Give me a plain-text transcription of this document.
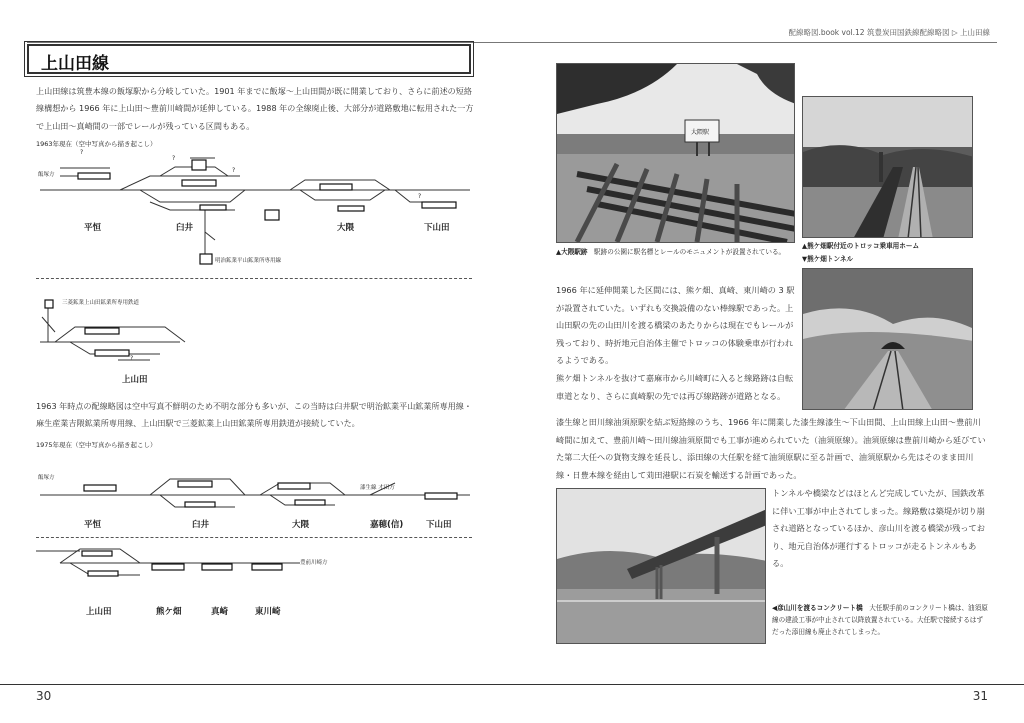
上山田線

上山田線は筑豊本線の飯塚駅から分岐していた。1901 年までに飯塚～上山田間が既に開業しており、さらに前述の短絡線構想から 1966 年に上山田～豊前川崎間が延伸している。1988 年の全線廃止後、大部分が道路敷地に転用された一方で上山田～真崎間の一部でレールが残っている区間もある。

1963年現在（空中写真から描き起こし）
飯塚方
?
?
?
?
?
明治鉱業平山鉱業所専用線
三菱鉱業上山田鉱業所専用鉄道
平恒	臼井	大隈	下山田
上山田

1963 年時点の配線略図は空中写真不鮮明のため不明な部分も多いが、この当時は臼井駅で明治鉱業平山鉱業所専用線・麻生産業吉隈鉱業所専用線、上山田駅で三菱鉱業上山田鉱業所専用鉄道が接続していた。

1975年現在（空中写真から描き起こし）
飯塚方
漆生線 才田方
豊前川崎方
平恒	臼井	大隈	嘉穂(信)	下山田
上山田	熊ケ畑	真崎	東川崎
30
配線略図.book vol.12 筑豊炭田国鉄線配線略図 ▷ 上山田線
大隈駅

▲大隈駅跡　駅跡の公園に駅名標とレールのモニュメントが設置されている。

▲熊ケ畑駅付近のトロッコ乗車用ホーム

▼熊ケ畑トンネル

1966 年に延伸開業した区間には、熊ケ畑、真崎、東川崎の 3 駅が設置されていた。いずれも交換設備のない棒線駅であった。上山田駅の先の山田川を渡る橋梁のあたりからは現在でもレールが残っており、時折地元自治体主催でトロッコの体験乗車が行われるようである。

熊ケ畑トンネルを抜けて嘉麻市から川崎町に入ると線路跡は自転車道となり、さらに真崎駅の先では再び線路跡が道路となる。

漆生線と田川線油須原駅を結ぶ短絡線のうち、1966 年に開業した漆生線漆生～下山田間、上山田線上山田～豊前川崎間に加えて、豊前川崎～田川線油須原間でも工事が進められていた（油須原線）。油須原線は豊前川崎から延びていた第二大任への貨物支線を延長し、添田線の大任駅を経て油須原駅に至る計画で、油須原駅から先はそのまま田川線・日豊本線を経由して苅田港駅に石炭を輸送する計画であった。

トンネルや橋梁などはほとんど完成していたが、国鉄改革に伴い工事が中止されてしまった。線路敷は築堤が切り崩され道路となっているほか、彦山川を渡る橋梁が残っており、地元自治体が運行するトロッコが走るトンネルもある。

◀彦山川を渡るコンクリート橋　大任駅手前のコンクリート橋は、油須原線の建設工事が中止されて以降放置されている。大任駅で接続するはずだった添田線も廃止されてしまった。

31
